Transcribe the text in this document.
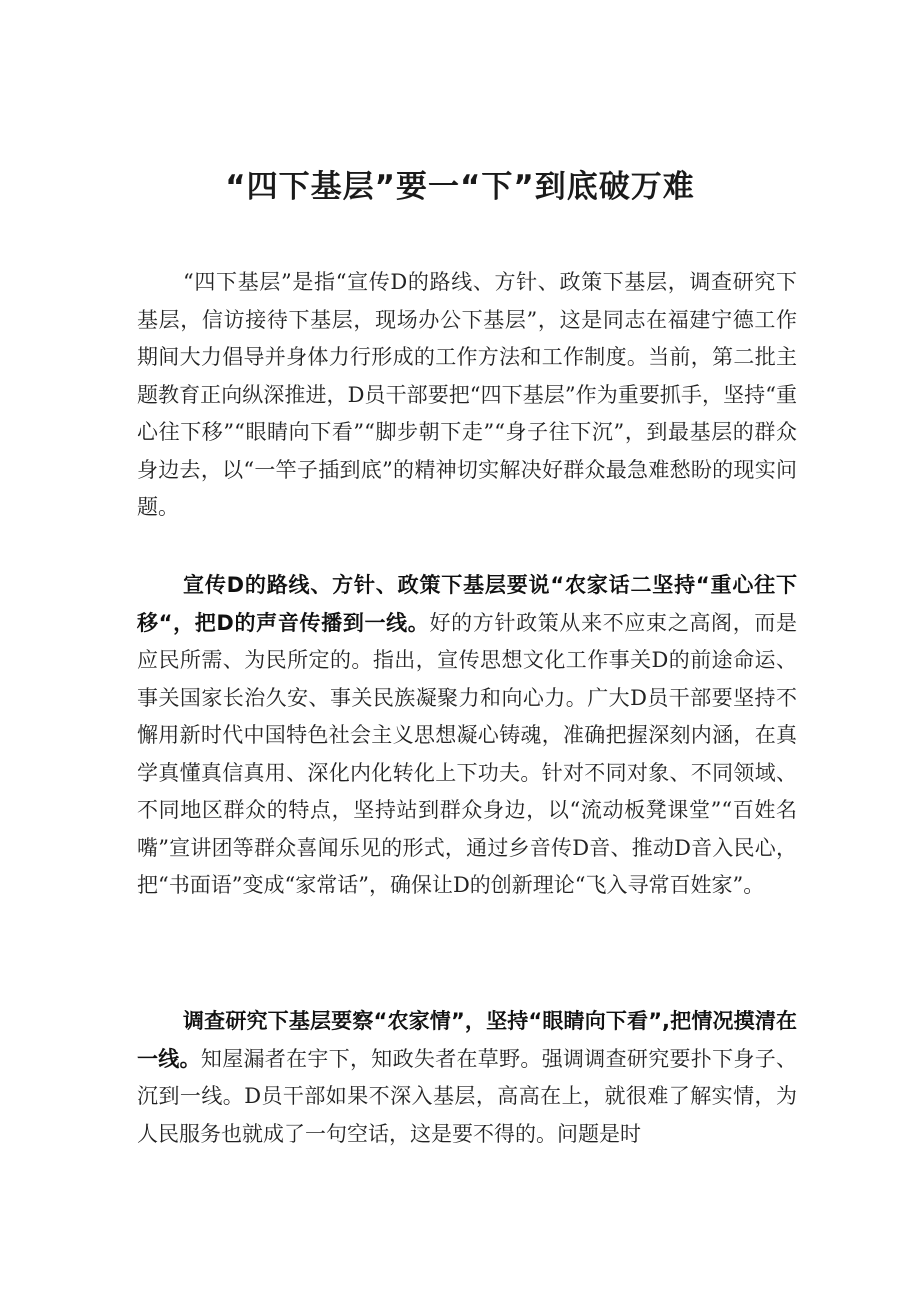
“四下基层”要一“下”到底破万难

“四下基层”是指“宣传D的路线、方针、政策下基层，调查研究下基层，信访接待下基层，现场办公下基层”，这是同志在福建宁德工作期间大力倡导并身体力行形成的工作方法和工作制度。当前，第二批主题教育正向纵深推进，D员干部要把“四下基层”作为重要抓手，坚持“重心往下移”“眼睛向下看”“脚步朝下走”“身子往下沉”，到最基层的群众身边去，以“一竿子插到底”的精神切实解决好群众最急难愁盼的现实问题。

宣传D的路线、方针、政策下基层要说“农家话二坚持“重心往下移“，把D的声音传播到一线。好的方针政策从来不应束之高阁，而是应民所需、为民所定的。指出，宣传思想文化工作事关D的前途命运、事关国家长治久安、事关民族凝聚力和向心力。广大D员干部要坚持不懈用新时代中国特色社会主义思想凝心铸魂，准确把握深刻内涵，在真学真懂真信真用、深化内化转化上下功夫。针对不同对象、不同领域、不同地区群众的特点，坚持站到群众身边，以“流动板凳课堂”“百姓名嘴”宣讲团等群众喜闻乐见的形式，通过乡音传D音、推动D音入民心，把“书面语”变成“家常话”，确保让D的创新理论“飞入寻常百姓家”。

调查研究下基层要察“农家情”，坚持“眼睛向下看”,把情况摸清在一线。知屋漏者在宇下，知政失者在草野。强调调查研究要扑下身子、沉到一线。D员干部如果不深入基层，高高在上，就很难了解实情，为人民服务也就成了一句空话，这是要不得的。问题是时
